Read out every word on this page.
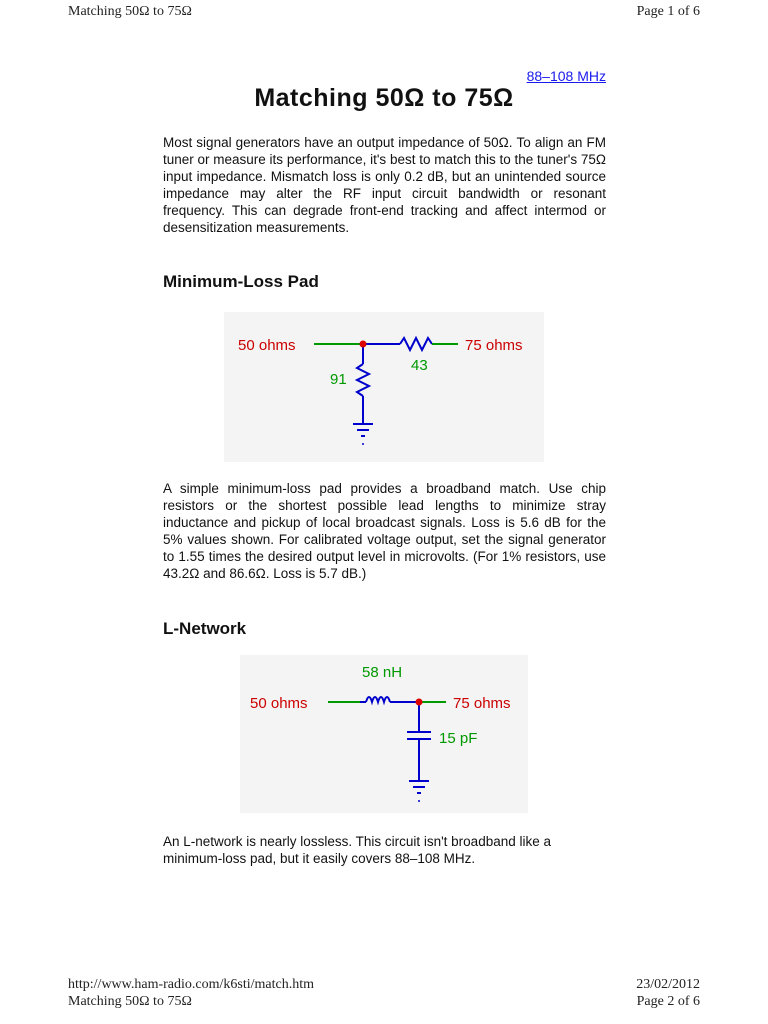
Matching 50Ω to 75Ω	Page 1 of 6
88–108 MHz
Matching 50Ω to 75Ω

Most signal generators have an output impedance of 50Ω. To align an FM tuner or measure its performance, it's best to match this to the tuner's 75Ω input impedance. Mismatch loss is only 0.2 dB, but an unintended source impedance may alter the RF input circuit bandwidth or resonant frequency. This can degrade front-end tracking and affect intermod or desensitization measurements.

Minimum-Loss Pad
50 ohms	75 ohms
43
91

A simple minimum-loss pad provides a broadband match. Use chip resistors or the shortest possible lead lengths to minimize stray inductance and pickup of local broadcast signals. Loss is 5.6 dB for the 5% values shown. For calibrated voltage output, set the signal generator to 1.55 times the desired output level in microvolts. (For 1% resistors, use 43.2Ω and 86.6Ω. Loss is 5.7 dB.)

L-Network
50 ohms	75 ohms
58 nH
15 pF

An L-network is nearly lossless. This circuit isn't broadband like a minimum-loss pad, but it easily covers 88–108 MHz.

http://www.ham-radio.com/k6sti/match.htm	23/02/2012
Matching 50Ω to 75Ω	Page 2 of 6
